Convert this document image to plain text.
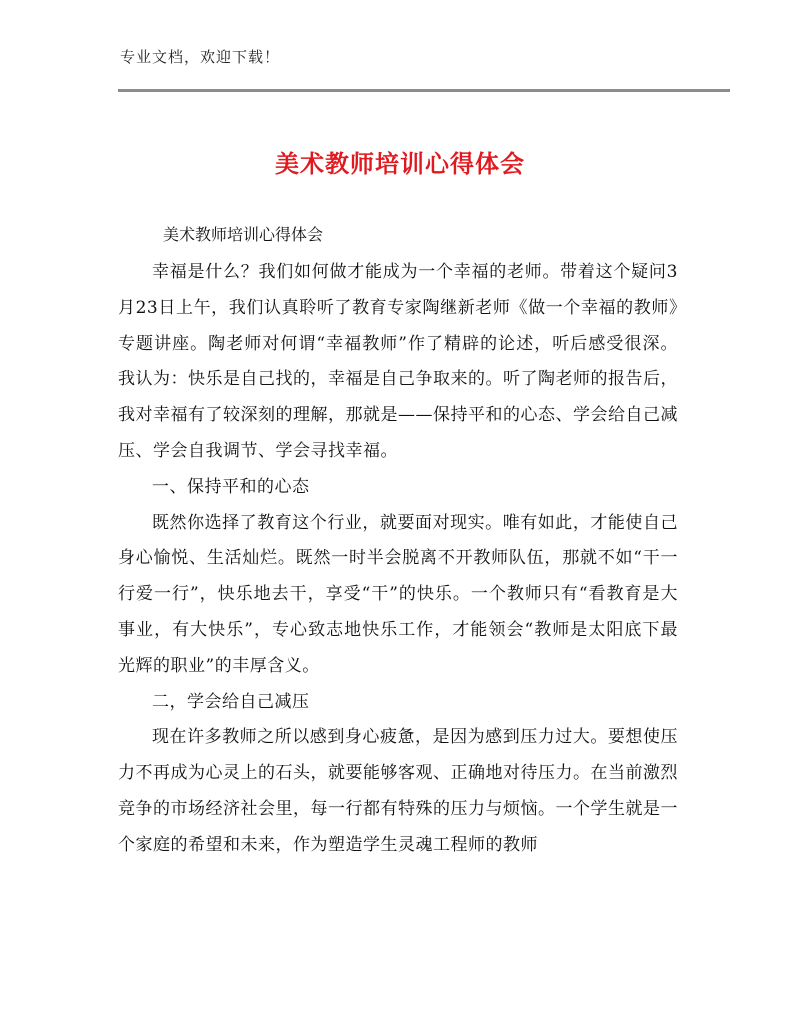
专业文档，欢迎下载！
美术教师培训心得体会
美术教师培训心得体会

幸福是什么？我们如何做才能成为一个幸福的老师。带着这个疑问3月23日上午，我们认真聆听了教育专家陶继新老师《做一个幸福的教师》专题讲座。陶老师对何谓“幸福教师”作了精辟的论述，听后感受很深。我认为：快乐是自己找的，幸福是自己争取来的。听了陶老师的报告后，我对幸福有了较深刻的理解，那就是——保持平和的心态、学会给自己减压、学会自我调节、学会寻找幸福。

一、保持平和的心态

既然你选择了教育这个行业，就要面对现实。唯有如此，才能使自己身心愉悦、生活灿烂。既然一时半会脱离不开教师队伍，那就不如“干一行爱一行”，快乐地去干，享受“干”的快乐。一个教师只有“看教育是大事业，有大快乐”，专心致志地快乐工作，才能领会“教师是太阳底下最光辉的职业”的丰厚含义。

二，学会给自己减压

现在许多教师之所以感到身心疲惫，是因为感到压力过大。要想使压力不再成为心灵上的石头，就要能够客观、正确地对待压力。在当前激烈竞争的市场经济社会里，每一行都有特殊的压力与烦恼。一个学生就是一个家庭的希望和未来，作为塑造学生灵魂工程师的教师
